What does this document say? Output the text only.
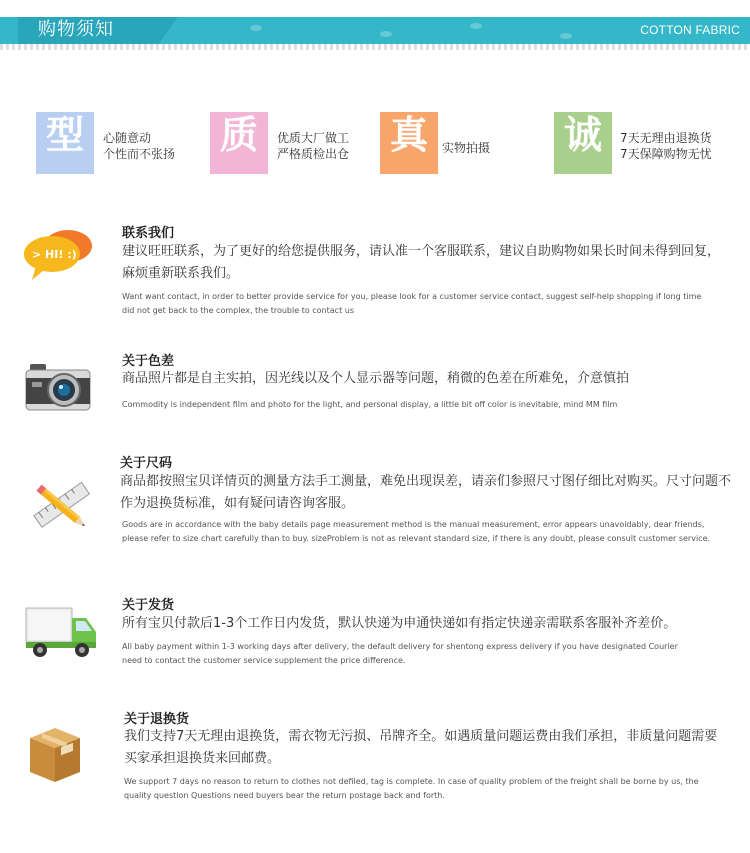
购物须知	COTTON FABRIC
型 心随意动
个性而不张扬 质 优质大厂做工
严格质检出仓 真 实物拍摄 诚 7天无理由退换货
7天保障购物无忧
> HI! :)
联系我们
建议旺旺联系，为了更好的给您提供服务，请认准一个客服联系，建议自助购物如果长时间未得到回复，麻烦重新联系我们。
Want want contact, in order to better provide service for you, please look for a customer service contact, suggest self-help shopping if long time did not get back to the complex, the trouble to contact us
关于色差
商品照片都是自主实拍，因光线以及个人显示器等问题，稍微的色差在所难免，介意慎拍
Commodity is independent film and photo for the light, and personal display, a little bit off color is inevitable, mind MM film
关于尺码
商品都按照宝贝详情页的测量方法手工测量，难免出现误差，请亲们参照尺寸图仔细比对购买。尺寸问题不作为退换货标准，如有疑问请咨询客服。
Goods are in accordance with the baby details page measurement method is the manual measurement, error appears unavoidably, dear friends, please refer to size chart carefully than to buy. sizeProblem is not as relevant standard size, if there is any doubt, please consult customer service.
关于发货
所有宝贝付款后1-3个工作日内发货，默认快递为申通快递如有指定快递亲需联系客服补齐差价。
All baby payment within 1-3 working days after delivery, the default delivery for shentong express delivery if you have designated Courier need to contact the customer service supplement the price difference.
关于退换货
我们支持7天无理由退换货，需衣物无污损、吊牌齐全。如遇质量问题运费由我们承担，非质量问题需要买家承担退换货来回邮费。
We support 7 days no reason to return to clothes not defiled, tag is complete. In case of quality problem of the freight shall be borne by us, the quality question Questions need buyers bear the return postage back and forth.
